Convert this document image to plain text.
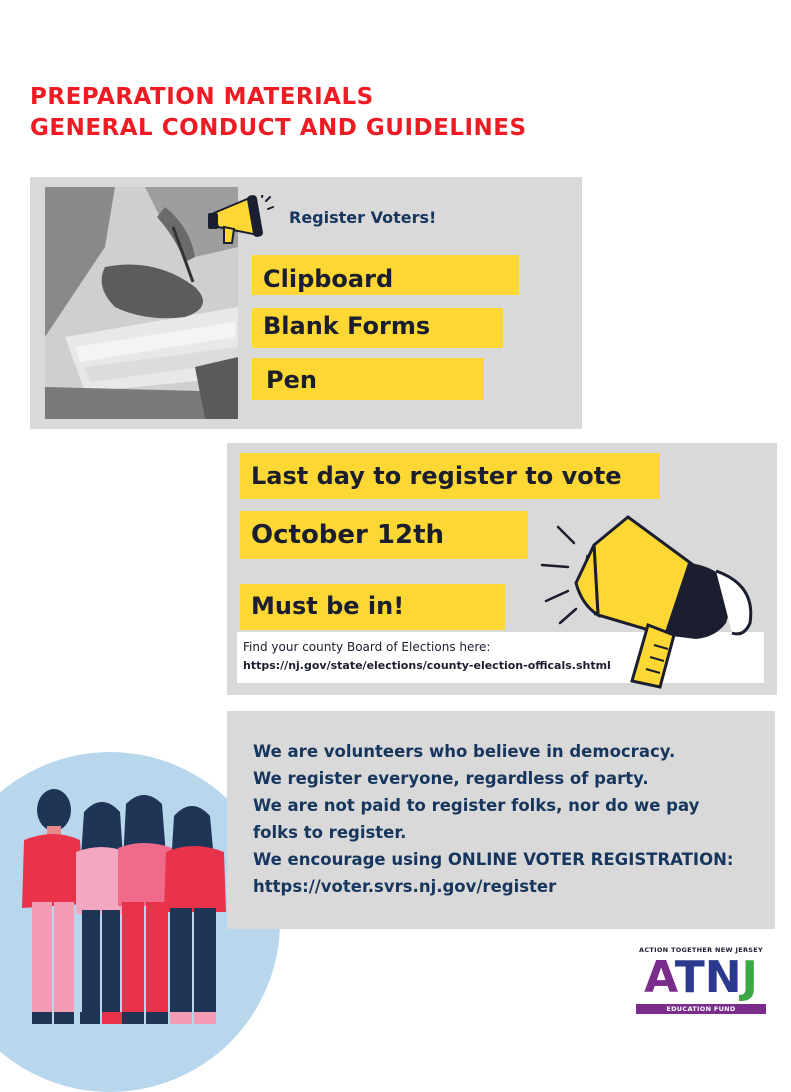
PREPARATION MATERIALS
GENERAL CONDUCT AND GUIDELINES
Register Voters!
Clipboard
Blank Forms
Pen
Last day to register to vote
October 12th
Must be in!
Find your county Board of Elections here:
https://nj.gov/state/elections/county-election-officals.shtml

We are volunteers who believe in democracy.

We register everyone, regardless of party.

We are not paid to register folks, nor do we pay

folks to register.

We encourage using ONLINE VOTER REGISTRATION:

https://voter.svrs.nj.gov/register

ACTION TOGETHER NEW JERSEY
ATNJ
EDUCATION FUND
